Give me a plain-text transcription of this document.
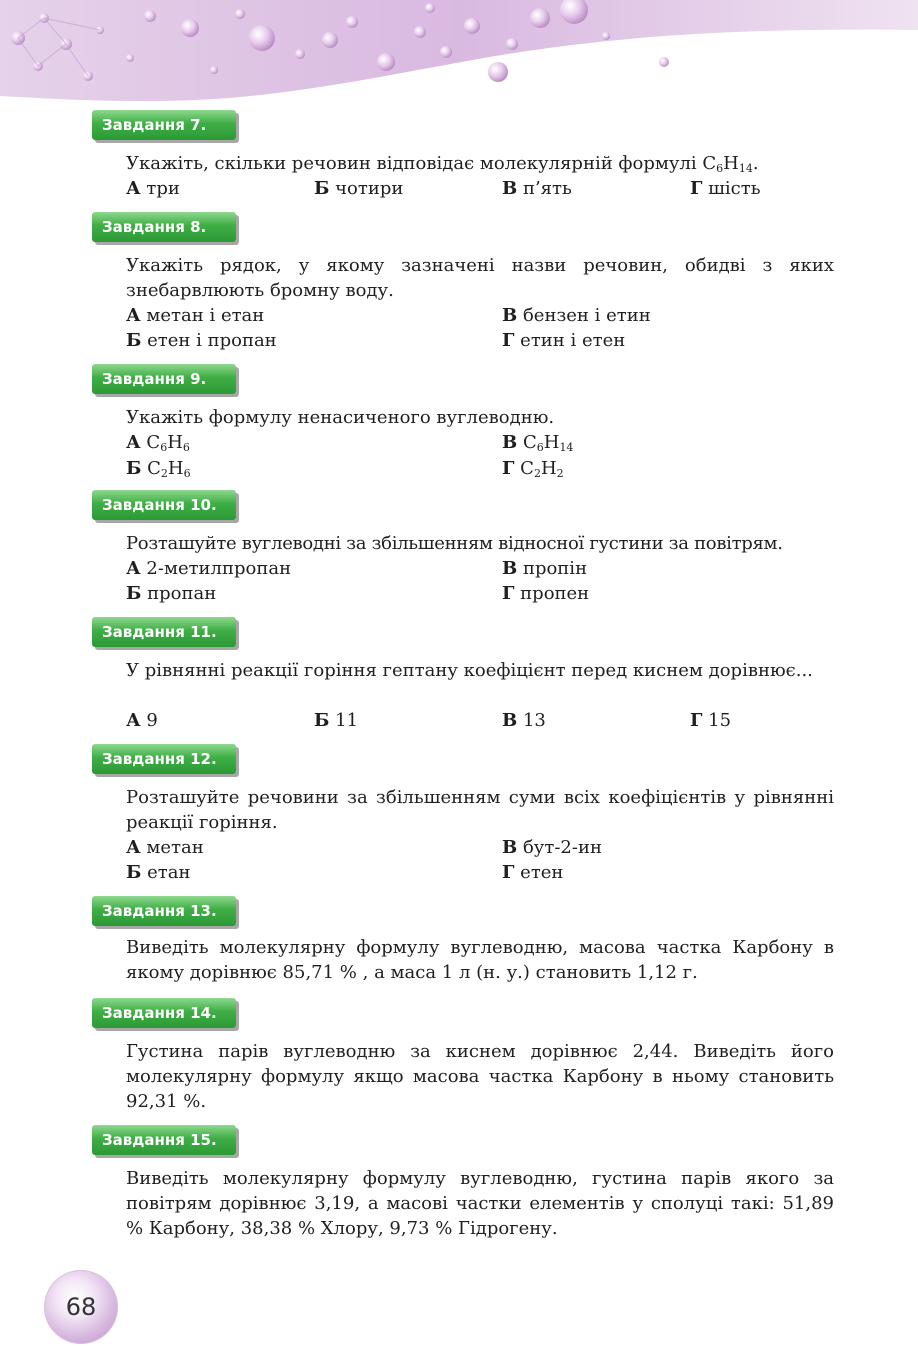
Завдання 7.

Укажіть, скільки речовин відповідає молекулярній формулі $C_6H_{14}$.

А три	Б чотири	В п’ять	Г шість

Завдання 8.

Укажіть рядок, у якому зазначені назви речовин, обидві з яких знебарвлюють бромну воду.

А метан і етан

Б етен і пропан

В бензен і етин

Г етин і етен

Завдання 9.

Укажіть формулу ненасиченого вуглеводню.

А $C_6H_6$

Б $C_2H_6$

В $C_6H_{14}$

Г $C_2H_2$

Завдання 10.

Розташуйте вуглеводні за збільшенням відносної густини за повітрям.

А 2-метилпропан

Б пропан

В пропін

Г пропен

Завдання 11.

У рівнянні реакції горіння гептану коефіцієнт перед киснем дорівнює...

А 9	Б 11	В 13	Г 15

Завдання 12.

Розташуйте речовини за збільшенням суми всіх коефіцієнтів у рівнянні реакції горіння.

А метан

Б етан

В бут-2-ин

Г етен

Завдання 13.

Виведіть молекулярну формулу вуглеводню, масова частка Карбону в якому дорівнює 85,71 % , а маса 1 л (н. у.) становить 1,12 г.

Завдання 14.

Густина парів вуглеводню за киснем дорівнює 2,44. Виведіть його молекулярну формулу якщо масова частка Карбону в ньому становить 92,31 %.

Завдання 15.

Виведіть молекулярну формулу вуглеводню, густина парів якого за повітрям дорівнює 3,19, а масові частки елементів у сполуці такі: 51,89 % Карбону, 38,38 % Хлору, 9,73 % Гідрогену.

68
